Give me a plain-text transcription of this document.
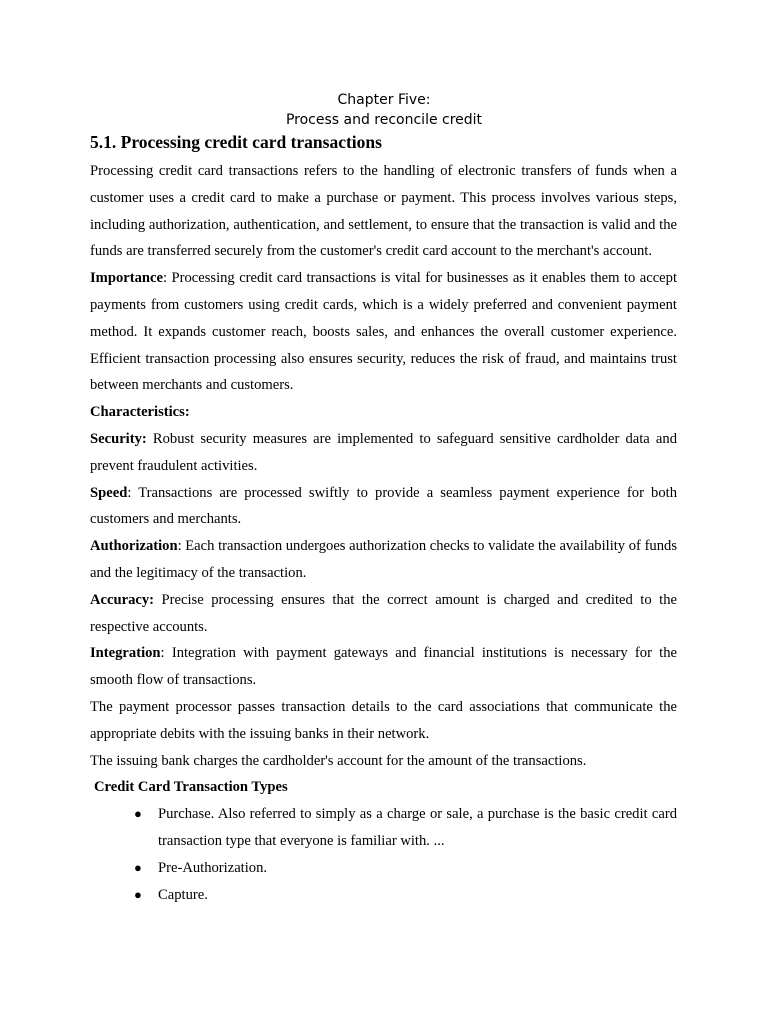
Chapter Five:
Process and reconcile credit
5.1. Processing credit card transactions

Processing credit card transactions refers to the handling of electronic transfers of funds when a customer uses a credit card to make a purchase or payment. This process involves various steps, including authorization, authentication, and settlement, to ensure that the transaction is valid and the funds are transferred securely from the customer's credit card account to the merchant's account.

Importance: Processing credit card transactions is vital for businesses as it enables them to accept payments from customers using credit cards, which is a widely preferred and convenient payment method. It expands customer reach, boosts sales, and enhances the overall customer experience. Efficient transaction processing also ensures security, reduces the risk of fraud, and maintains trust between merchants and customers.

Characteristics:

Security: Robust security measures are implemented to safeguard sensitive cardholder data and prevent fraudulent activities.

Speed: Transactions are processed swiftly to provide a seamless payment experience for both customers and merchants.

Authorization: Each transaction undergoes authorization checks to validate the availability of funds and the legitimacy of the transaction.

Accuracy: Precise processing ensures that the correct amount is charged and credited to the respective accounts.

Integration: Integration with payment gateways and financial institutions is necessary for the smooth flow of transactions.

The payment processor passes transaction details to the card associations that communicate the appropriate debits with the issuing banks in their network.

The issuing bank charges the cardholder's account for the amount of the transactions.

Credit Card Transaction Types

● Purchase. Also referred to simply as a charge or sale, a purchase is the basic credit card transaction type that everyone is familiar with. ...
● Pre-Authorization.
● Capture.
